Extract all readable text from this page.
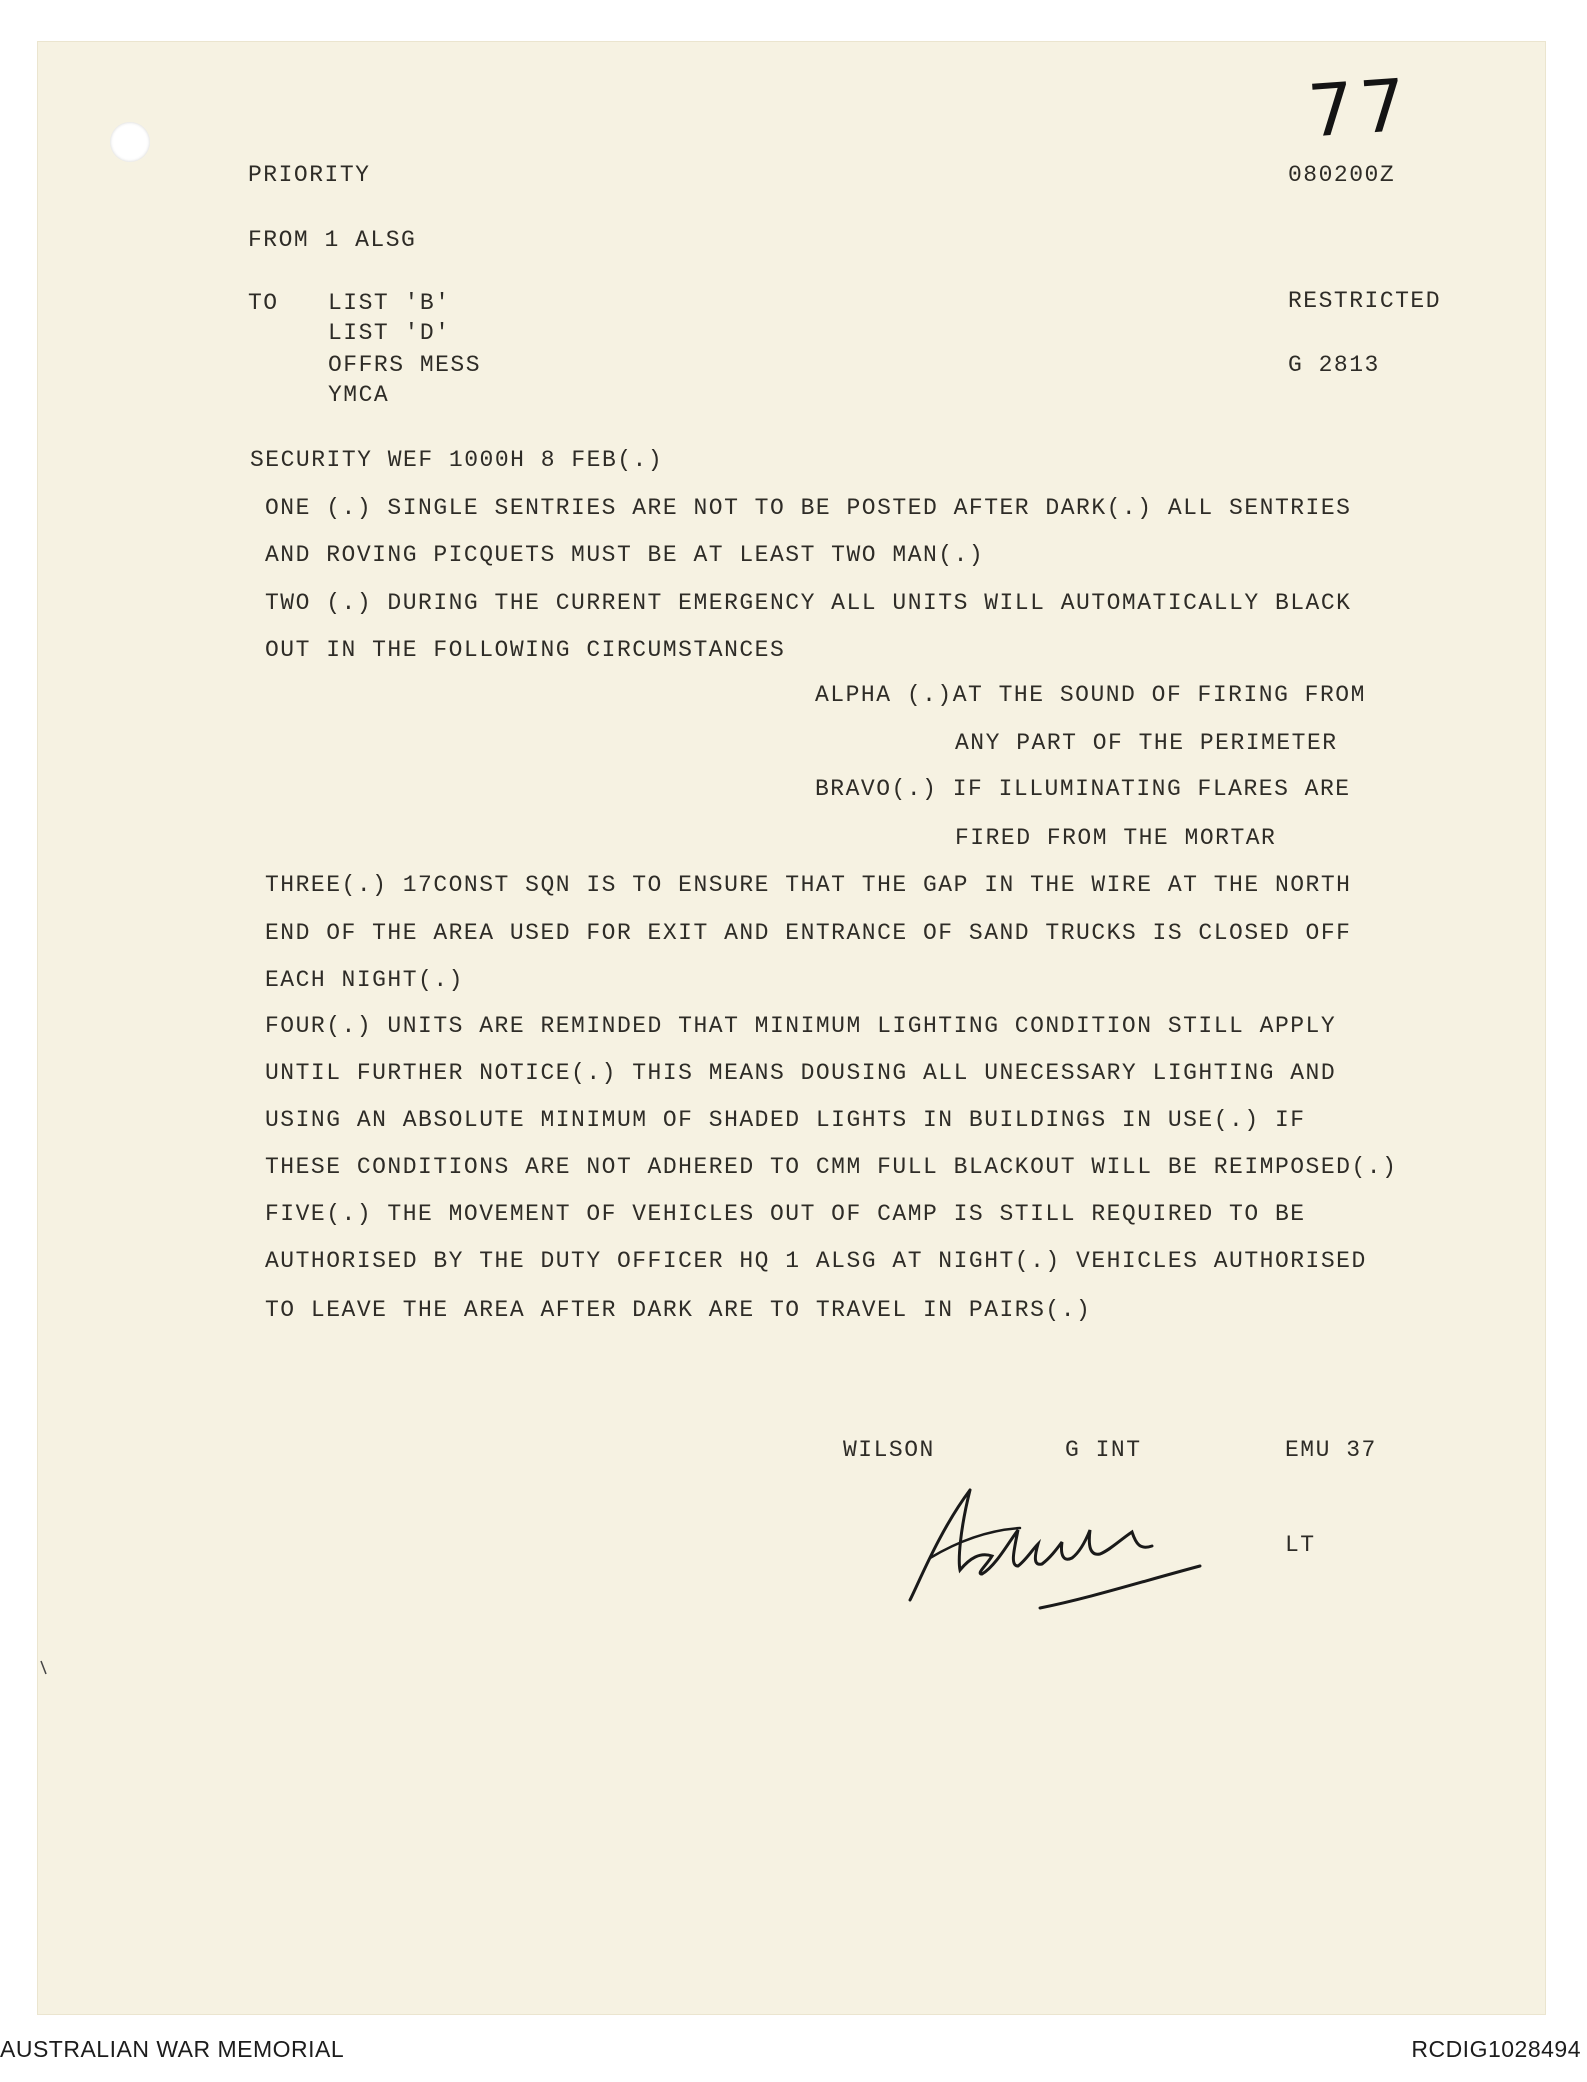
77
PRIORITY	080200Z
FROM 1 ALSG
TO LIST 'B'
LIST 'D'
OFFRS MESS
YMCA
RESTRICTED
G 2813
SECURITY WEF 1000H 8 FEB(.)
ONE (.) SINGLE SENTRIES ARE NOT TO BE POSTED AFTER DARK(.) ALL SENTRIES
AND ROVING PICQUETS MUST BE AT LEAST TWO MAN(.)
TWO (.) DURING THE CURRENT EMERGENCY ALL UNITS WILL AUTOMATICALLY BLACK
OUT IN THE FOLLOWING CIRCUMSTANCES
ALPHA (.)AT THE SOUND OF FIRING FROM
ANY PART OF THE PERIMETER
BRAVO(.) IF ILLUMINATING FLARES ARE
FIRED FROM THE MORTAR
THREE(.) 17CONST SQN IS TO ENSURE THAT THE GAP IN THE WIRE AT THE NORTH
END OF THE AREA USED FOR EXIT AND ENTRANCE OF SAND TRUCKS IS CLOSED OFF
EACH NIGHT(.)
FOUR(.) UNITS ARE REMINDED THAT MINIMUM LIGHTING CONDITION STILL APPLY
UNTIL FURTHER NOTICE(.) THIS MEANS DOUSING ALL UNECESSARY LIGHTING AND
USING AN ABSOLUTE MINIMUM OF SHADED LIGHTS IN BUILDINGS IN USE(.) IF
THESE CONDITIONS ARE NOT ADHERED TO CMM FULL BLACKOUT WILL BE REIMPOSED(.)
FIVE(.) THE MOVEMENT OF VEHICLES OUT OF CAMP IS STILL REQUIRED TO BE
AUTHORISED BY THE DUTY OFFICER HQ 1 ALSG AT NIGHT(.) VEHICLES AUTHORISED
TO LEAVE THE AREA AFTER DARK ARE TO TRAVEL IN PAIRS(.)
WILSON	G INT	EMU 37
LT
AUSTRALIAN WAR MEMORIAL	RCDIG1028494
